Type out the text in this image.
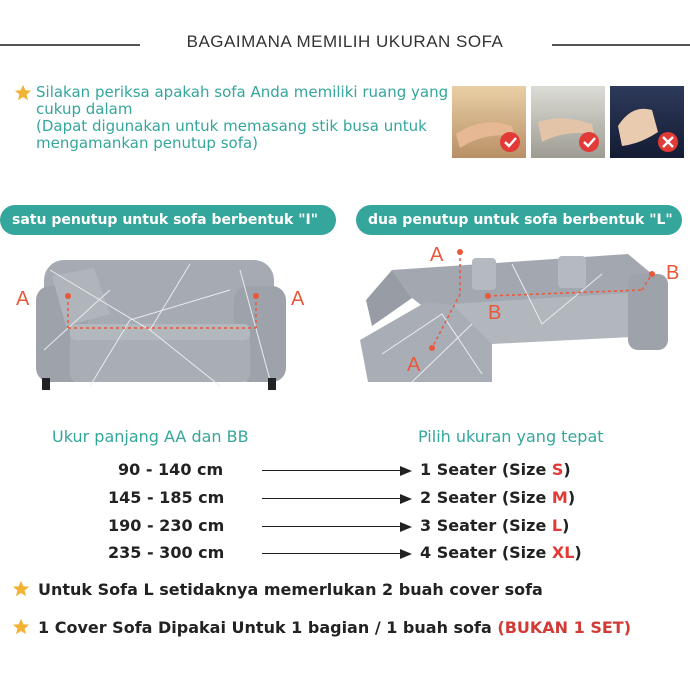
BAGAIMANA MEMILIH UKURAN SOFA
Silakan periksa apakah sofa Anda memiliki ruang yang cukup dalam
(Dapat digunakan untuk memasang stik busa untuk mengamankan penutup sofa)
satu penutup untuk sofa berbentuk "I"	dua penutup untuk sofa berbentuk "L"
A	A
A
A
B
B
Ukur panjang AA dan BB	Pilih ukuran yang tepat
90 - 140 cm	1 Seater (Size S)
145 - 185 cm	2 Seater (Size M)
190 - 230 cm	3 Seater (Size L)
235 - 300 cm	4 Seater (Size XL)
Untuk Sofa L setidaknya memerlukan 2 buah cover sofa
1 Cover Sofa Dipakai Untuk 1 bagian / 1 buah sofa (BUKAN 1 SET)
